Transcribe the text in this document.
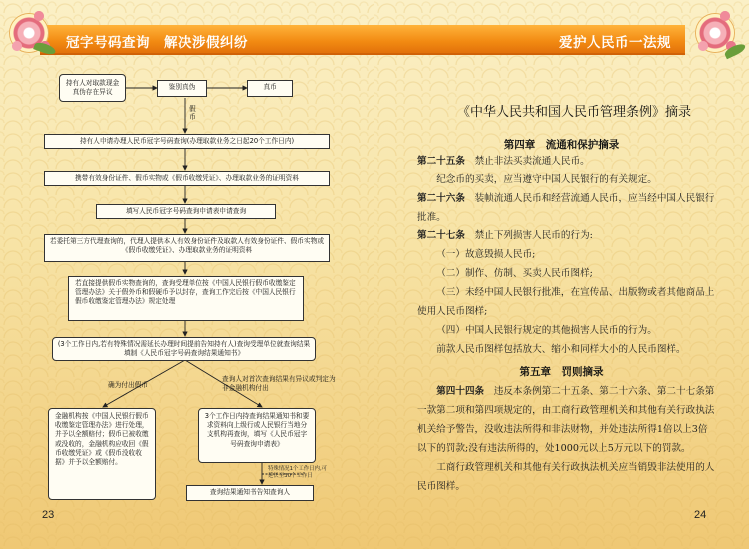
冠字号码查询　解决涉假纠纷
持有人对取款现金真伪存在异议
鉴别真伪	真币
假币
持有人申请办理人民币冠字号码查询(办理取款业务之日起20个工作日内)
携带有效身份证件、假币实物或《假币收缴凭证》、办理取款业务的证明资料
填写人民币冠字号码查询申请表申请查询
若委托第三方代理查询的，代理人提供本人有效身份证件及取款人有效身份证件、假币实物或《假币收缴凭证》、办理取款业务的证明资料
若直接提供假币实物查询的，查询受理单位按《中国人民银行假币收缴鉴定管理办法》关于假外币和假硬币予以封存，查询工作完后按《中国人民银行假币收缴鉴定管理办法》规定处理
(3个工作日内,若有特殊情况需延长办理时间提前告知持有人)查询受理单位就查询结果填制《人民币冠字号码查询结果通知书》
确为付出假币
查询人对首次查询结果有异议或判定为非金融机构付出
金融机构按《中国人民银行假币收缴鉴定管理办法》进行处理，并予以全额赔付；假币已被收缴或没收的，金融机构应收回《假币收缴凭证》或《假币没收收据》并予以全额赔付。
3个工作日内持查询结果通知书和要求资料向上级行或人民银行当地分支机构再查询，填写《人民币冠字号码查询申请表》
特殊情况1个工作日内,可延长至30个工作日
查询结果通知书告知查询人
23
爱护人民币一法规
《中华人民共和国人民币管理条例》摘录
第四章　流通和保护摘录
第二十五条　 禁止非法买卖流通人民币。
纪念币的买卖，应当遵守中国人民银行的有关规定。
第二十六条　 装帧流通人民币和经营流通人民币，应当经中国人民银行批准。
第二十七条　 禁止下列损害人民币的行为:
（一）故意毁损人民币;
（二）制作、仿制、买卖人民币图样;
（三）未经中国人民银行批准，在宣传品、出版物或者其他商品上使用人民币图样;
（四）中国人民银行规定的其他损害人民币的行为。
前款人民币图样包括放大、缩小和同样大小的人民币图样。
第五章　罚则摘录
第四十四条　 违反本条例第二十五条、第二十六条、第二十七条第一款第二项和第四项规定的，由工商行政管理机关和其他有关行政执法机关给予警告，没收违法所得和非法财物，并处违法所得1倍以上3倍以下的罚款;没有违法所得的，处1000元以上5万元以下的罚款。
工商行政管理机关和其他有关行政执法机关应当销毁非法使用的人民币图样。
24
